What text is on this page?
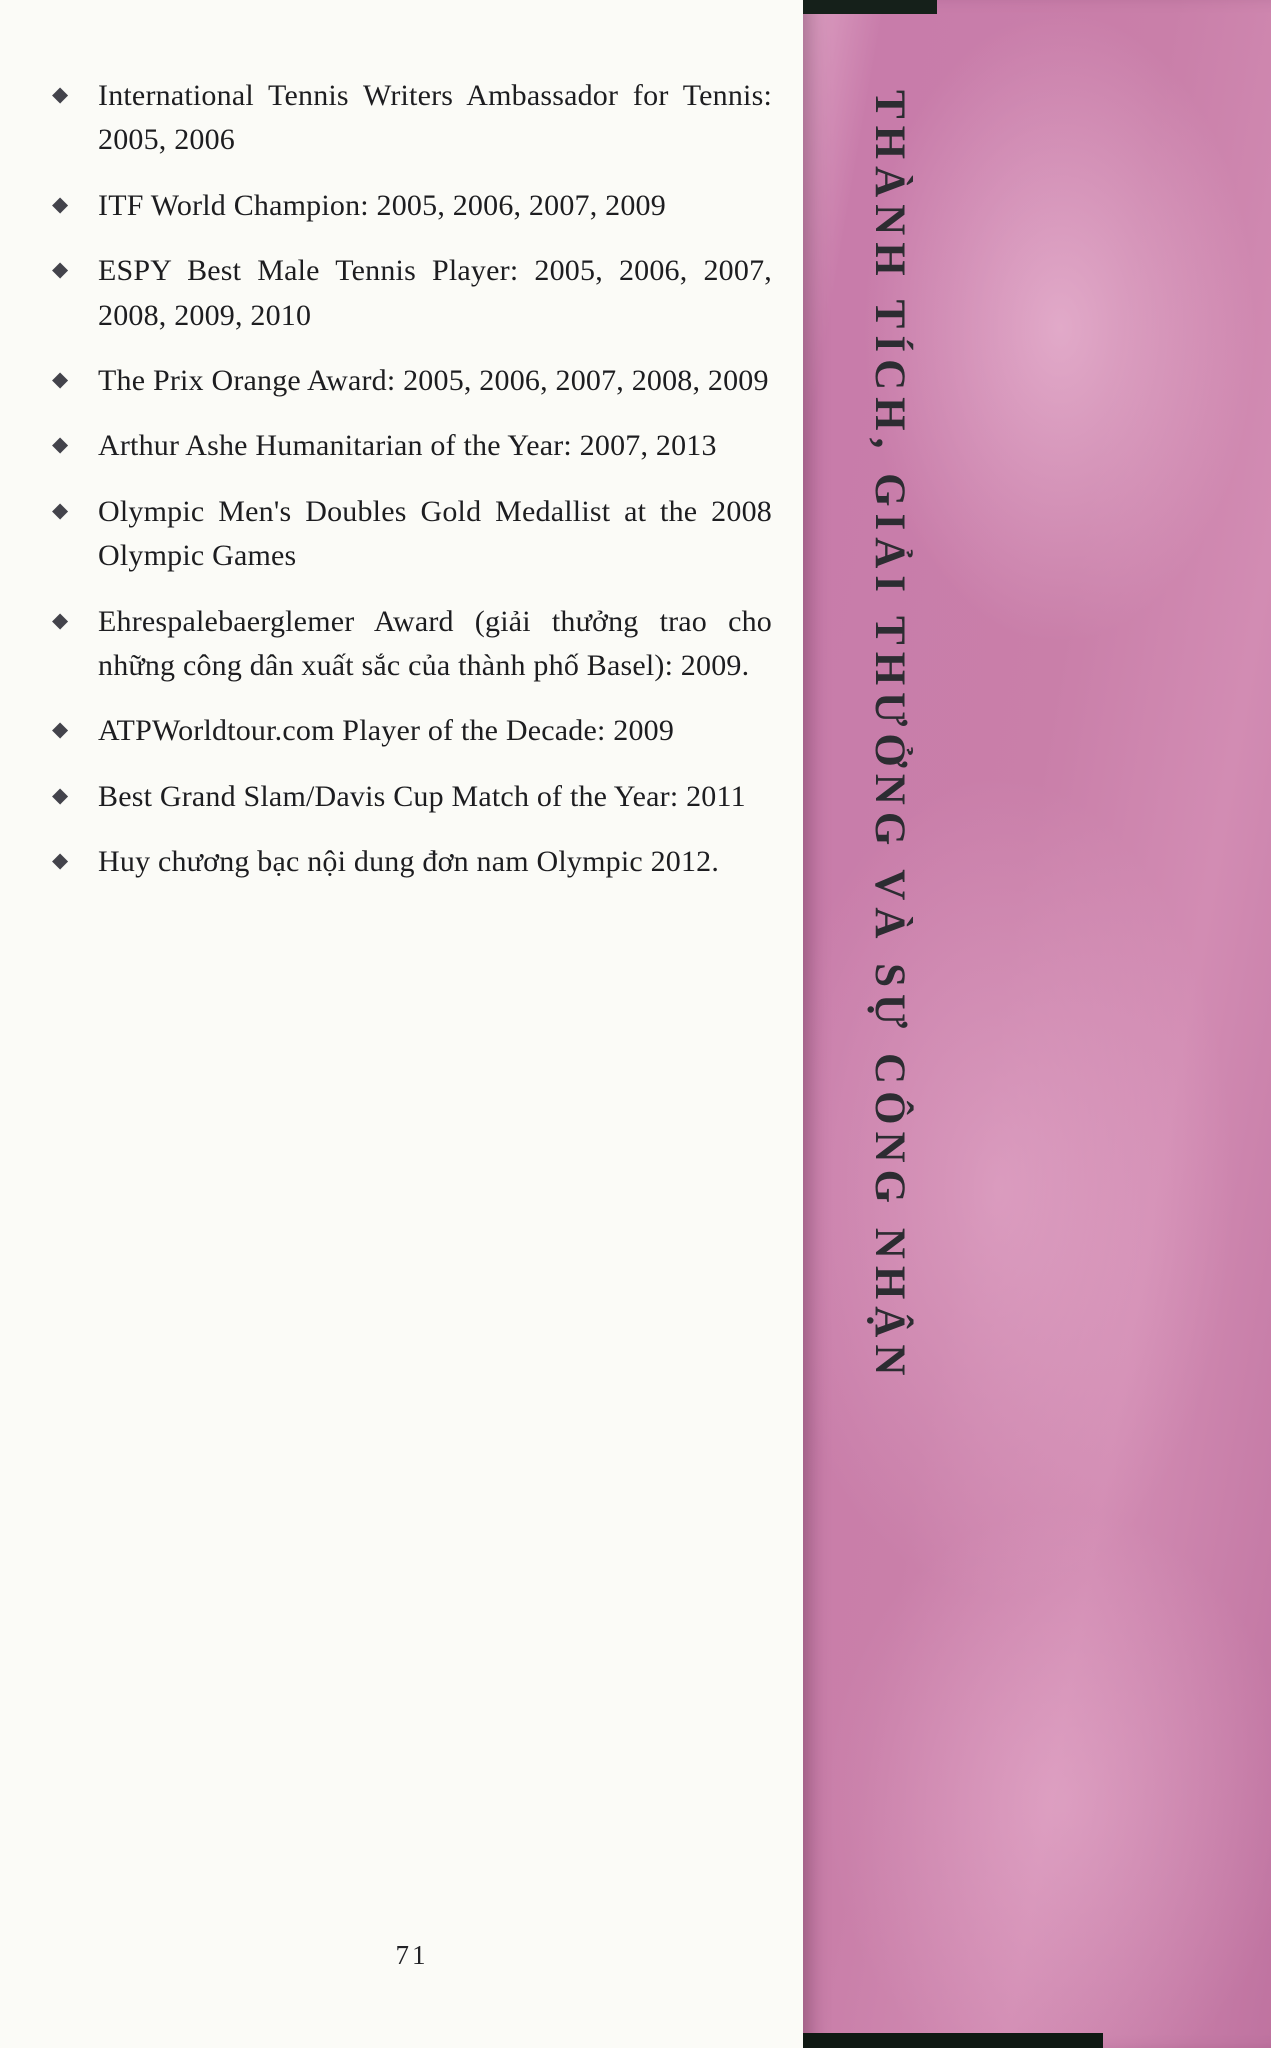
◆ International Tennis Writers Ambassador for Tennis: 2005, 2006
◆ ITF World Champion: 2005, 2006, 2007, 2009
◆ ESPY Best Male Tennis Player: 2005, 2006, 2007, 2008, 2009, 2010
◆ The Prix Orange Award: 2005, 2006, 2007, 2008, 2009
◆ Arthur Ashe Humanitarian of the Year: 2007, 2013
◆ Olympic Men's Doubles Gold Medallist at the 2008 Olympic Games
◆ Ehrespalebaerglemer Award (giải thưởng trao cho những công dân xuất sắc của thành phố Basel): 2009.
◆ ATPWorldtour.com Player of the Decade: 2009
◆ Best Grand Slam/Davis Cup Match of the Year: 2011
◆ Huy chương bạc nội dung đơn nam Olympic 2012.
71
THÀNH TÍCH, GIẢI THƯỞNG VÀ SỰ CÔNG NHẬN
